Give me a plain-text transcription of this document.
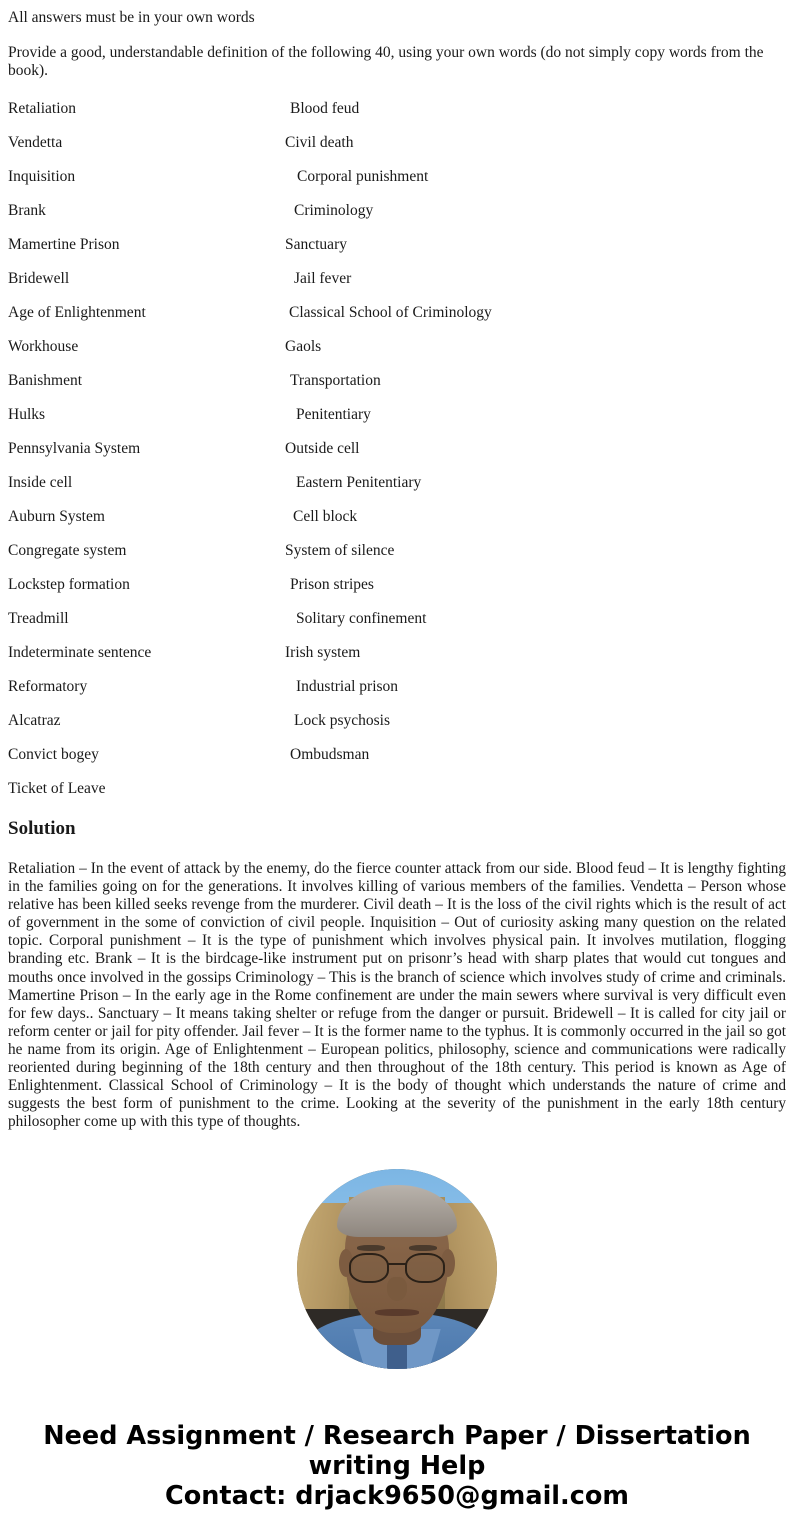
All answers must be in your own words
Provide a good, understandable definition of the following 40, using your own words (do not simply copy words from the book).
Retaliation	Blood feud
Vendetta	Civil death
Inquisition	Corporal punishment
Brank	Criminology
Mamertine Prison	Sanctuary
Bridewell	Jail fever
Age of Enlightenment	Classical School of Criminology
Workhouse	Gaols
Banishment	Transportation
Hulks	Penitentiary
Pennsylvania System	Outside cell
Inside cell	Eastern Penitentiary
Auburn System	Cell block
Congregate system	System of silence
Lockstep formation	Prison stripes
Treadmill	Solitary confinement
Indeterminate sentence	Irish system
Reformatory	Industrial prison
Alcatraz	Lock psychosis
Convict bogey	Ombudsman
Ticket of Leave
Solution
Retaliation – In the event of attack by the enemy, do the fierce counter attack from our side. Blood feud – It is lengthy fighting in the families going on for the generations. It involves killing of various members of the families. Vendetta – Person whose relative has been killed seeks revenge from the murderer. Civil death – It is the loss of the civil rights which is the result of act of government in the some of conviction of civil people. Inquisition – Out of curiosity asking many question on the related topic. Corporal punishment – It is the type of punishment which involves physical pain. It involves mutilation, flogging branding etc. Brank – It is the birdcage-like instrument put on prisonr’s head with sharp plates that would cut tongues and mouths once involved in the gossips Criminology – This is the branch of science which involves study of crime and criminals. Mamertine Prison – In the early age in the Rome confinement are under the main sewers where survival is very difficult even for few days.. Sanctuary – It means taking shelter or refuge from the danger or pursuit. Bridewell – It is called for city jail or reform center or jail for pity offender. Jail fever – It is the former name to the typhus. It is commonly occurred in the jail so got he name from its origin. Age of Enlightenment – European politics, philosophy, science and communications were radically reoriented during beginning of the 18th century and then throughout of the 18th century. This period is known as Age of Enlightenment. Classical School of Criminology – It is the body of thought which understands the nature of crime and suggests the best form of punishment to the crime. Looking at the severity of the punishment in the early 18th century philosopher come up with this type of thoughts.
Need Assignment / Research Paper / Dissertation
writing Help
Contact: drjack9650@gmail.com
